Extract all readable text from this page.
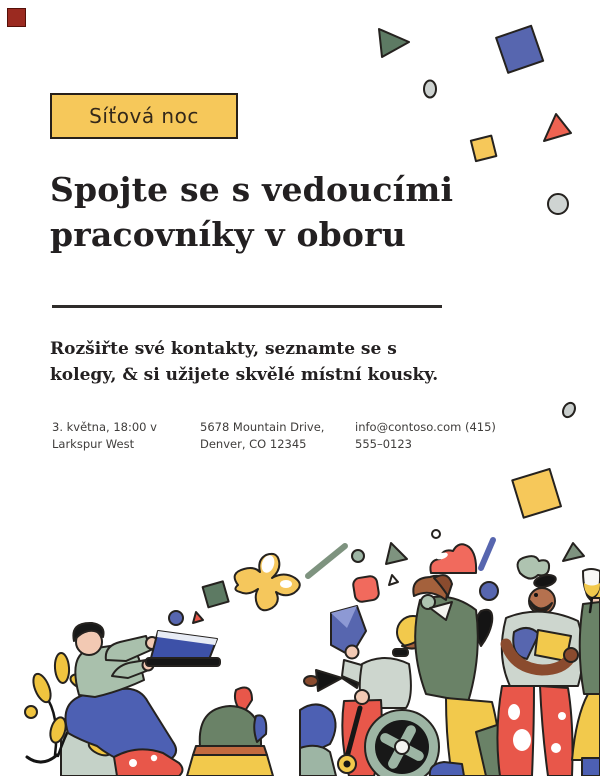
Síťová noc
Spojte se s vedoucími
pracovníky v oboru

Rozšiřte své kontakty, seznamte se s
kolegy, & si užijete skvělé místní kousky.

3. května, 18:00 v
Larkspur West
5678 Mountain Drive,
Denver, CO 12345
info@contoso.com (415)
555–0123
